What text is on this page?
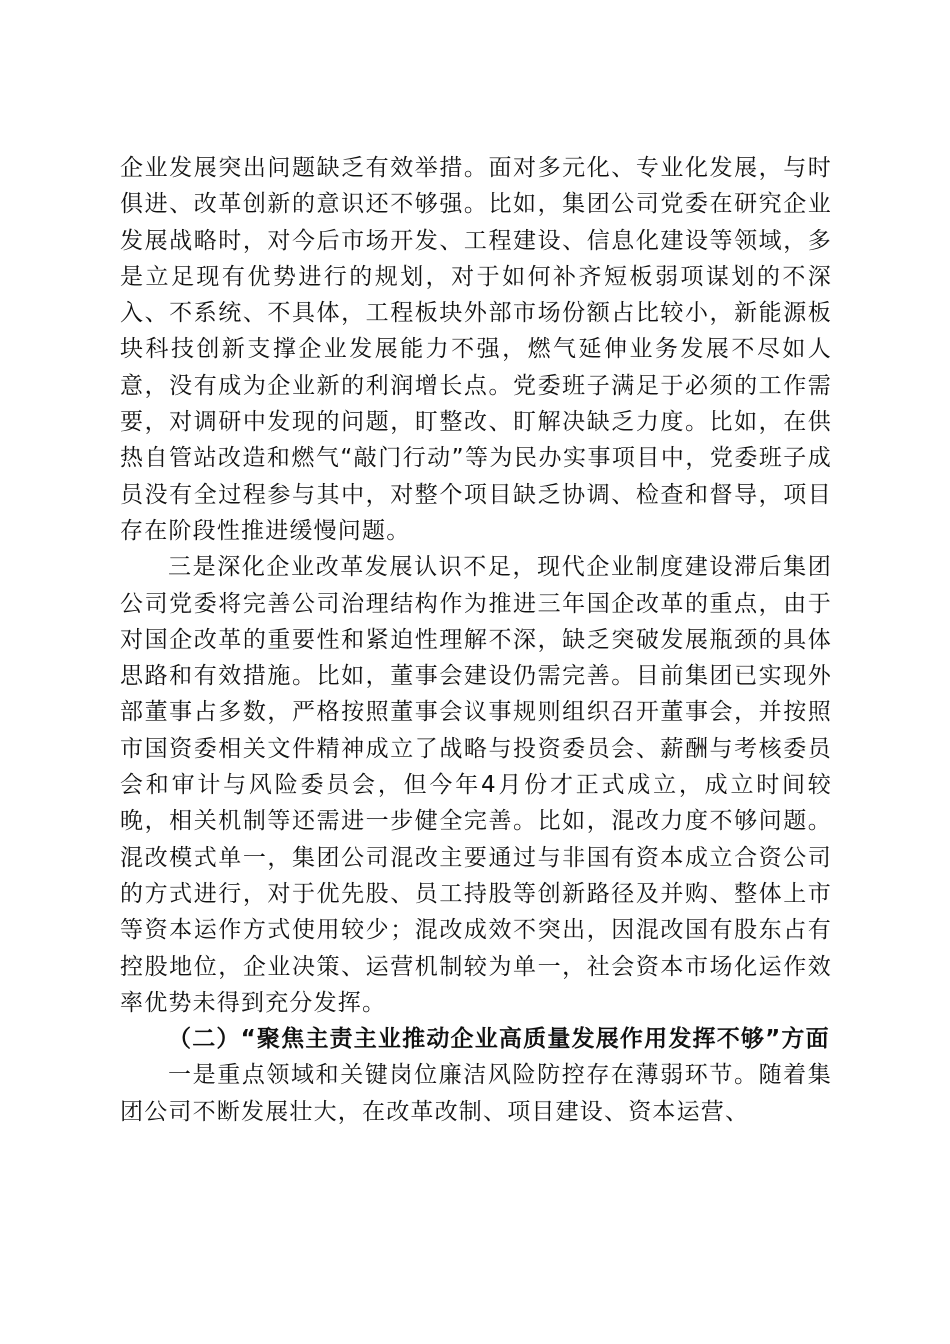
企业发展突出问题缺乏有效举措。面对多元化、专业化发展，与时俱进、改革创新的意识还不够强。比如，集团公司党委在研究企业发展战略时，对今后市场开发、工程建设、信息化建设等领域，多是立足现有优势进行的规划，对于如何补齐短板弱项谋划的不深入、不系统、不具体，工程板块外部市场份额占比较小，新能源板块科技创新支撑企业发展能力不强，燃气延伸业务发展不尽如人意，没有成为企业新的利润增长点。党委班子满足于必须的工作需要，对调研中发现的问题，盯整改、盯解决缺乏力度。比如，在供热自管站改造和燃气“敲门行动”等为民办实事项目中，党委班子成员没有全过程参与其中，对整个项目缺乏协调、检查和督导，项目存在阶段性推进缓慢问题。

三是深化企业改革发展认识不足，现代企业制度建设滞后集团公司党委将完善公司治理结构作为推进三年国企改革的重点，由于对国企改革的重要性和紧迫性理解不深，缺乏突破发展瓶颈的具体思路和有效措施。比如，董事会建设仍需完善。目前集团已实现外部董事占多数，严格按照董事会议事规则组织召开董事会，并按照市国资委相关文件精神成立了战略与投资委员会、薪酬与考核委员会和审计与风险委员会，但今年4月份才正式成立，成立时间较晚，相关机制等还需进一步健全完善。比如，混改力度不够问题。混改模式单一，集团公司混改主要通过与非国有资本成立合资公司的方式进行，对于优先股、员工持股等创新路径及并购、整体上市等资本运作方式使用较少；混改成效不突出，因混改国有股东占有控股地位，企业决策、运营机制较为单一，社会资本市场化运作效率优势未得到充分发挥。

（二）“聚焦主责主业推动企业高质量发展作用发挥不够”方面

一是重点领域和关键岗位廉洁风险防控存在薄弱环节。随着集团公司不断发展壮大，在改革改制、项目建设、资本运营、
